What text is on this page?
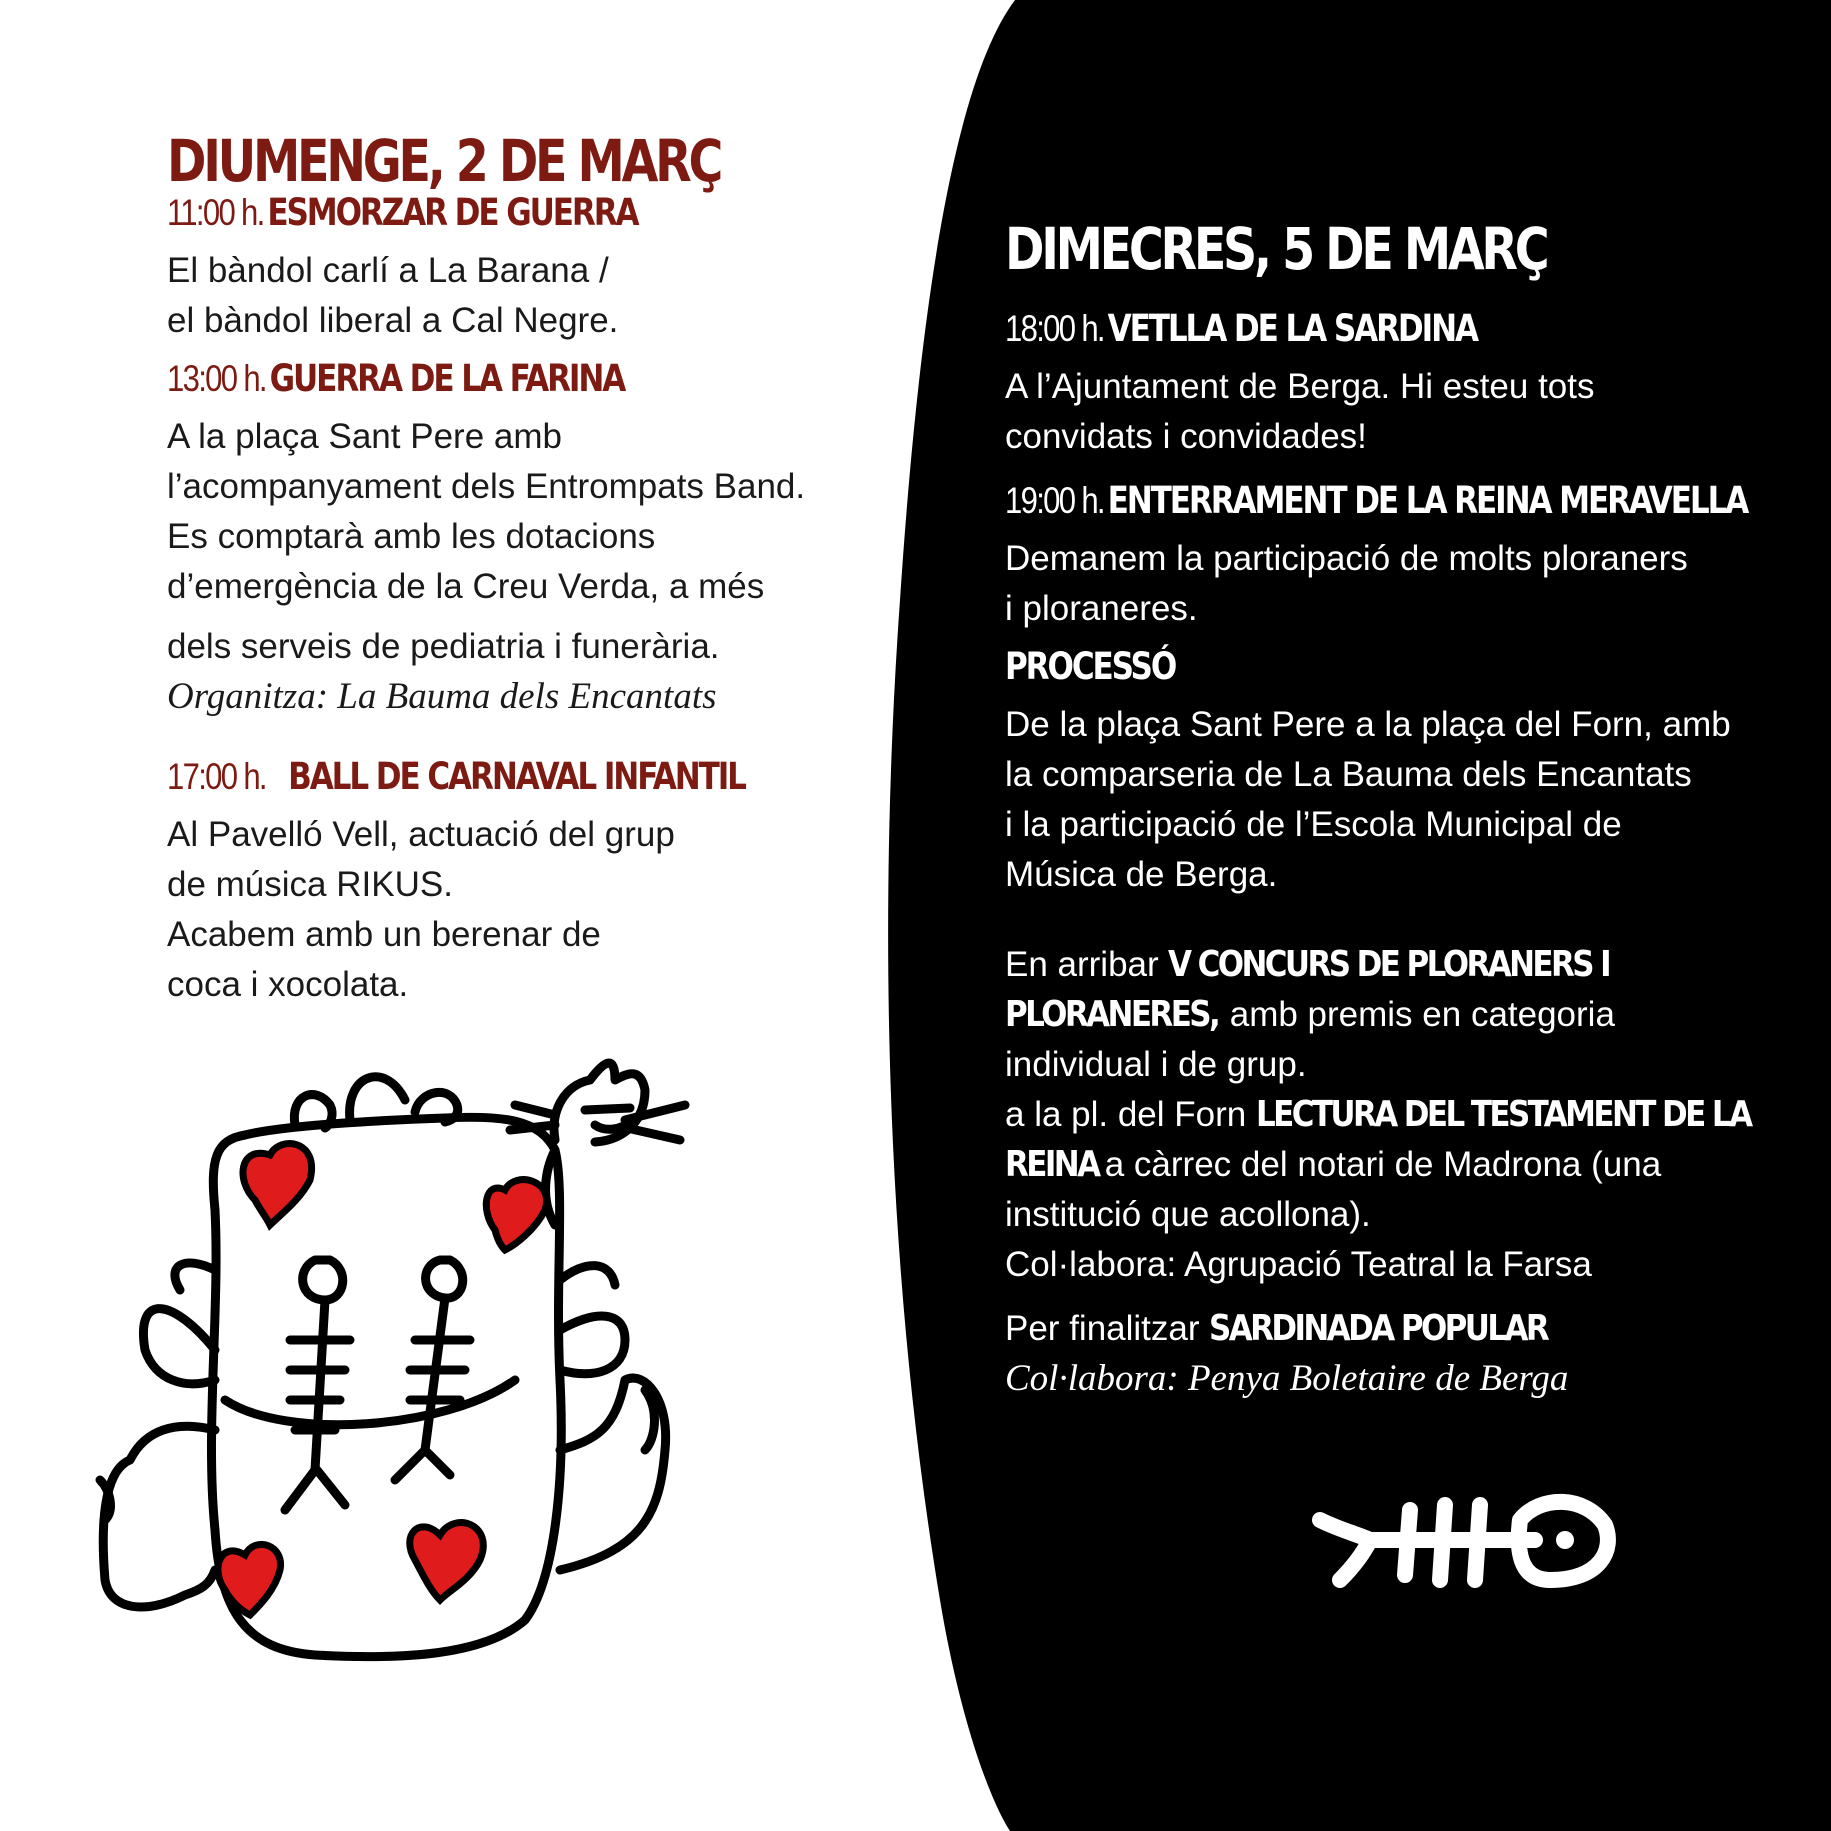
DIUMENGE, 2 DE MARÇ

11:00 h. ESMORZAR DE GUERRA

El bàndol carlí a La Barana /

el bàndol liberal a Cal Negre.

13:00 h. GUERRA DE LA FARINA

A la plaça Sant Pere amb

l’acompanyament dels Entrompats Band.

Es comptarà amb les dotacions

d’emergència de la Creu Verda, a més

dels serveis de pediatria i funerària.

Organitza: La Bauma dels Encantats

17:00 h. BALL DE CARNAVAL INFANTIL

Al Pavelló Vell, actuació del grup

de música RIKUS.

Acabem amb un berenar de

coca i xocolata.

DIMECRES, 5 DE MARÇ

18:00 h. VETLLA DE LA SARDINA

A l’Ajuntament de Berga. Hi esteu tots

convidats i convidades!

19:00 h. ENTERRAMENT DE LA REINA MERAVELLA

Demanem la participació de molts ploraners

i ploraneres.

PROCESSÓ

De la plaça Sant Pere a la plaça del Forn, amb

la comparseria de La Bauma dels Encantats

i la participació de l’Escola Municipal de

Música de Berga.

En arribar V CONCURS DE PLORANERS I

PLORANERES, amb premis en categoria

individual i de grup.

a la pl. del Forn LECTURA DEL TESTAMENT DE LA

REINA a càrrec del notari de Madrona (una

institució que acollona).

Col·labora: Agrupació Teatral la Farsa

Per finalitzar SARDINADA POPULAR

Col·labora: Penya Boletaire de Berga
